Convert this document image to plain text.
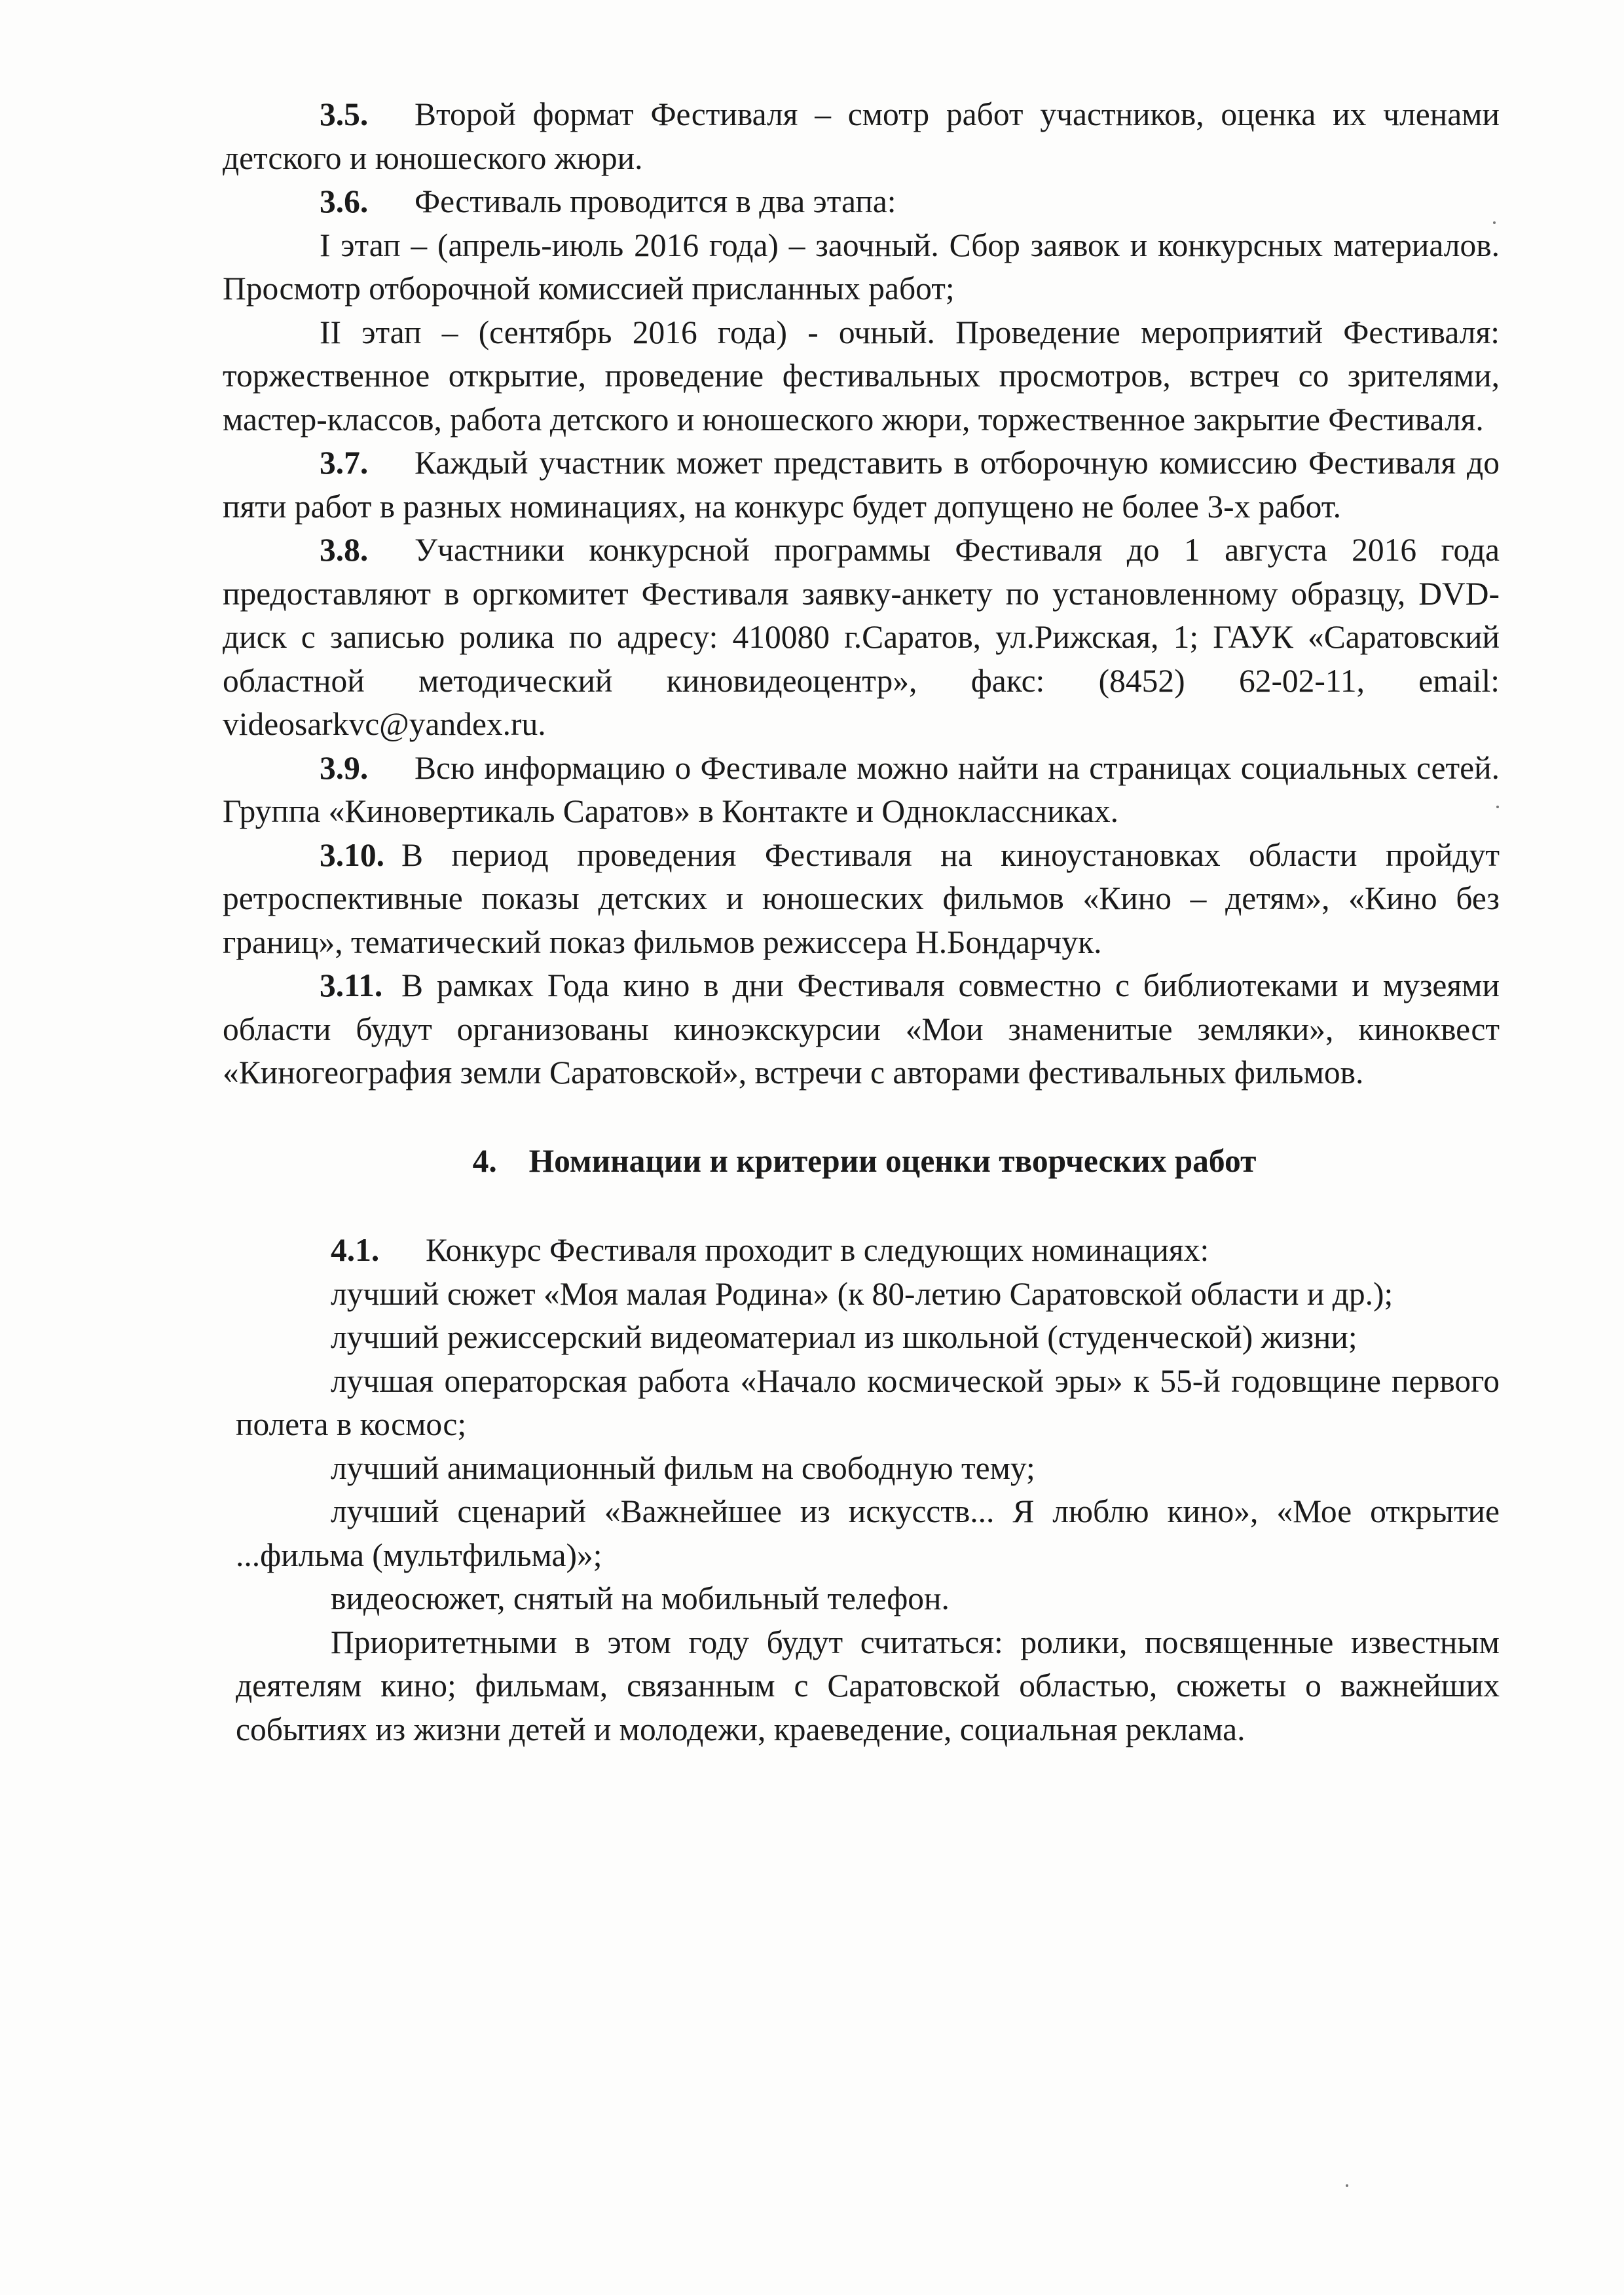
3.5. Второй формат Фестиваля – смотр работ участников, оценка их членами детского и юношеского жюри.

3.6. Фестиваль проводится в два этапа:

I этап – (апрель-июль 2016 года) – заочный. Сбор заявок и конкурсных материалов. Просмотр отборочной комиссией присланных работ;

II этап – (сентябрь 2016 года) - очный. Проведение мероприятий Фестиваля: торжественное открытие, проведение фестивальных просмотров, встреч со зрителями, мастер-классов, работа детского и юношеского жюри, торжественное закрытие Фестиваля.

3.7. Каждый участник может представить в отборочную комиссию Фестиваля до пяти работ в разных номинациях, на конкурс будет допущено не более 3-х работ.

3.8. Участники конкурсной программы Фестиваля до 1 августа 2016 года предоставляют в оргкомитет Фестиваля заявку-анкету по установленному образцу, DVD-диск с записью ролика по адресу: 410080 г.Саратов, ул.Рижская, 1; ГАУК «Саратовский областной методический киновидеоцентр», факс: (8452) 62-02-11, email: videosarkvc@yandex.ru.

3.9. Всю информацию о Фестивале можно найти на страницах социальных сетей. Группа «Киновертикаль Саратов» в Контакте и Одноклассниках.

3.10. В период проведения Фестиваля на киноустановках области пройдут ретроспективные показы детских и юношеских фильмов «Кино – детям», «Кино без границ», тематический показ фильмов режиссера Н.Бондарчук.

3.11. В рамках Года кино в дни Фестиваля совместно с библиотеками и музеями области будут организованы киноэкскурсии «Мои знаменитые земляки», киноквест «Киногеография земли Саратовской», встречи с авторами фестивальных фильмов.

4. Номинации и критерии оценки творческих работ

4.1. Конкурс Фестиваля проходит в следующих номинациях:

лучший сюжет «Моя малая Родина» (к 80-летию Саратовской области и др.);

лучший режиссерский видеоматериал из школьной (студенческой) жизни;

лучшая операторская работа «Начало космической эры» к 55-й годовщине первого полета в космос;

лучший анимационный фильм на свободную тему;

лучший сценарий «Важнейшее из искусств... Я люблю кино», «Мое открытие ...фильма (мультфильма)»;

видеосюжет, снятый на мобильный телефон.

Приоритетными в этом году будут считаться: ролики, посвященные известным деятелям кино; фильмам, связанным с Саратовской областью, сюжеты о важнейших событиях из жизни детей и молодежи, краеведение, социальная реклама.
